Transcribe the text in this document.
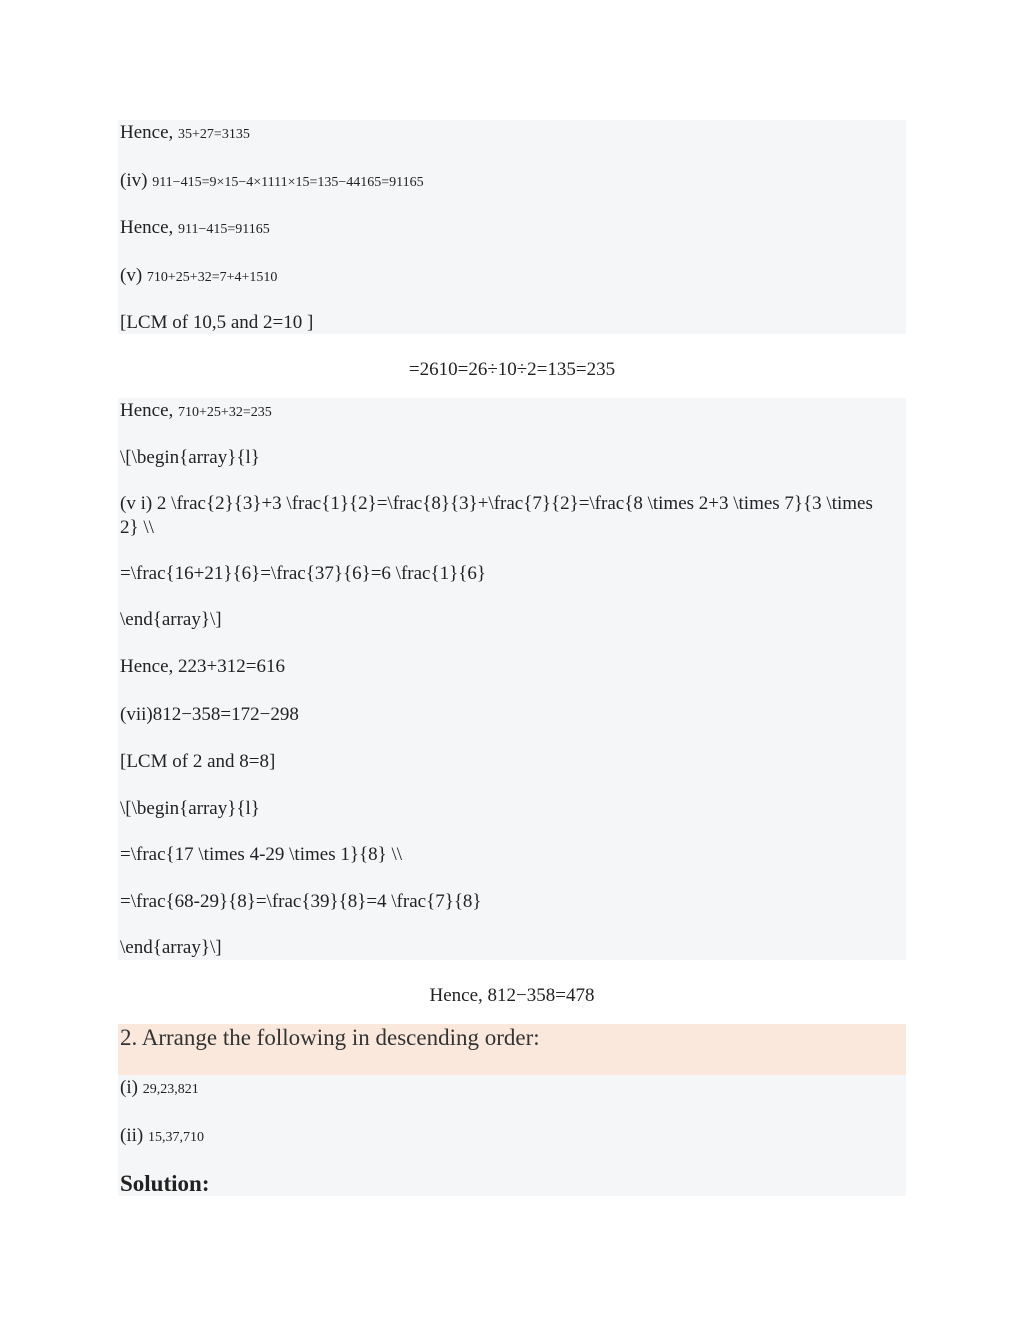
Hence, 35+27=3135
(iv) 911−415=9×15−4×1111×15=135−44165=91165
Hence, 911−415=91165
(v) 710+25+32=7+4+1510
[LCM of 10,5 and 2=10 ]
=2610=26÷10÷2=135=235
Hence, 710+25+32=235
\[\begin{array}{l}
(v i) 2 \frac{2}{3}+3 \frac{1}{2}=\frac{8}{3}+\frac{7}{2}=\frac{8 \times 2+3 \times 7}{3 \times 2} \\
=\frac{16+21}{6}=\frac{37}{6}=6 \frac{1}{6}
\end{array}\]
Hence, 223+312=616
(vii)812−358=172−298
[LCM of 2 and 8=8]
\[\begin{array}{l}
=\frac{17 \times 4-29 \times 1}{8} \\
=\frac{68-29}{8}=\frac{39}{8}=4 \frac{7}{8}
\end{array}\]
Hence, 812−358=478
2. Arrange the following in descending order:
(i) 29,23,821
(ii) 15,37,710
Solution:
